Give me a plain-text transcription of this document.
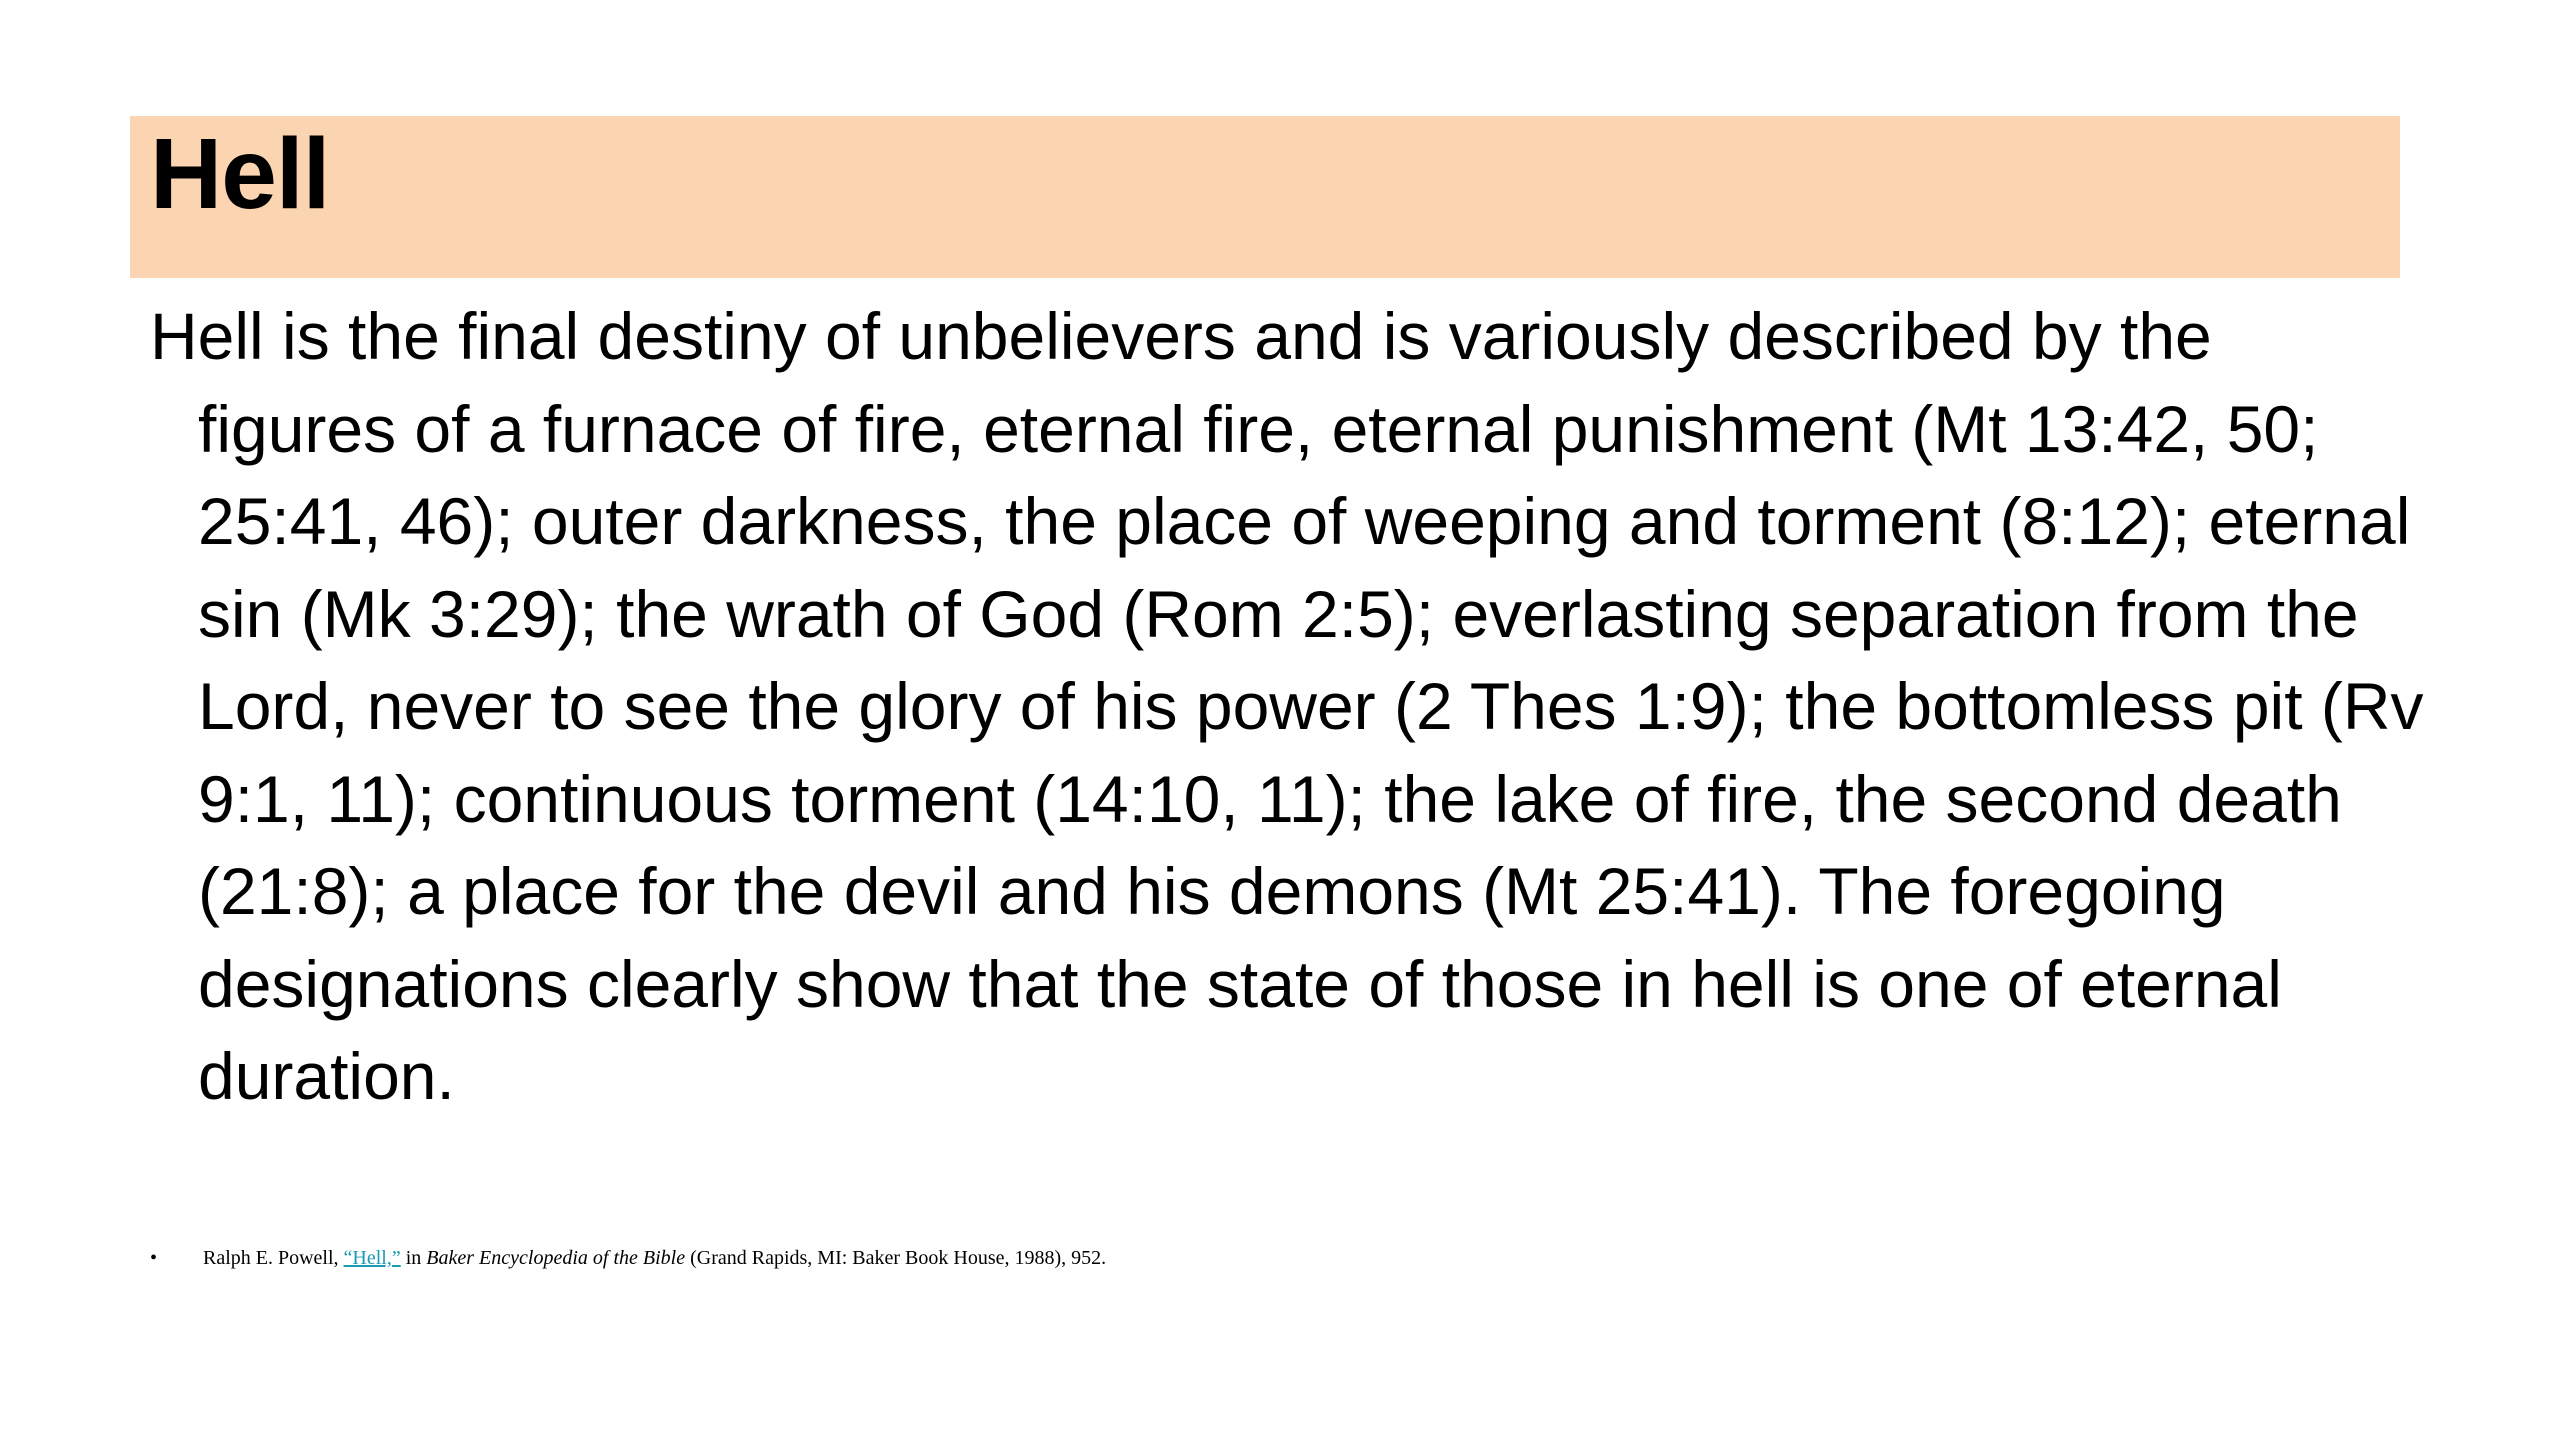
Hell

Hell is the final destiny of unbelievers and is variously described by the figures of a furnace of fire, eternal fire, eternal punishment (Mt 13:42, 50; 25:41, 46); outer darkness, the place of weeping and torment (8:12); eternal sin (Mk 3:29); the wrath of God (Rom 2:5); everlasting separation from the Lord, never to see the glory of his power (2 Thes 1:9); the bottomless pit (Rv 9:1, 11); continuous torment (14:10, 11); the lake of fire, the second death (21:8); a place for the devil and his demons (Mt 25:41). The foregoing designations clearly show that the state of those in hell is one of eternal duration.

• Ralph E. Powell, “Hell,” in Baker Encyclopedia of the Bible (Grand Rapids, MI: Baker Book House, 1988), 952.
